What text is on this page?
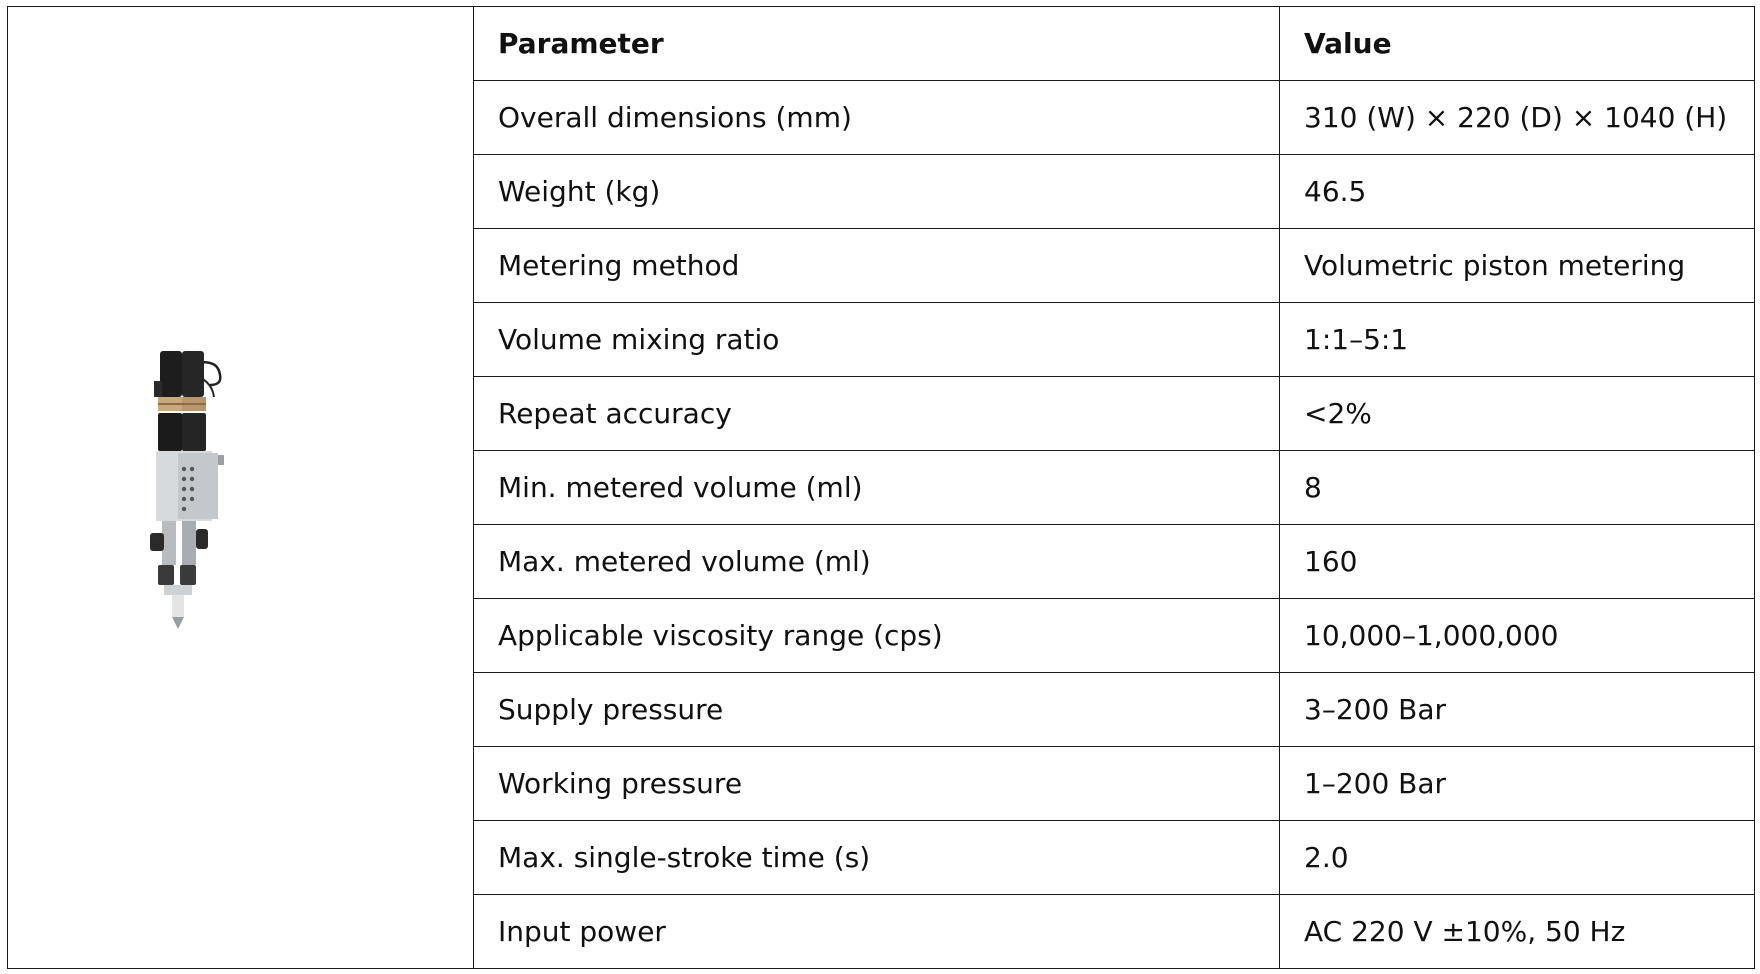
	Parameter	Value
	Overall dimensions (mm)	310 (W) × 220 (D) × 1040 (H)
	Weight (kg)	46.5
	Metering method	Volumetric piston metering
	Volume mixing ratio	1:1–5:1
	Repeat accuracy	<2%
	Min. metered volume (ml)	8
	Max. metered volume (ml)	160
	Applicable viscosity range (cps)	10,000–1,000,000
	Supply pressure	3–200 Bar
	Working pressure	1–200 Bar
	Max. single-stroke time (s)	2.0
	Input power	AC 220 V ±10%, 50 Hz
